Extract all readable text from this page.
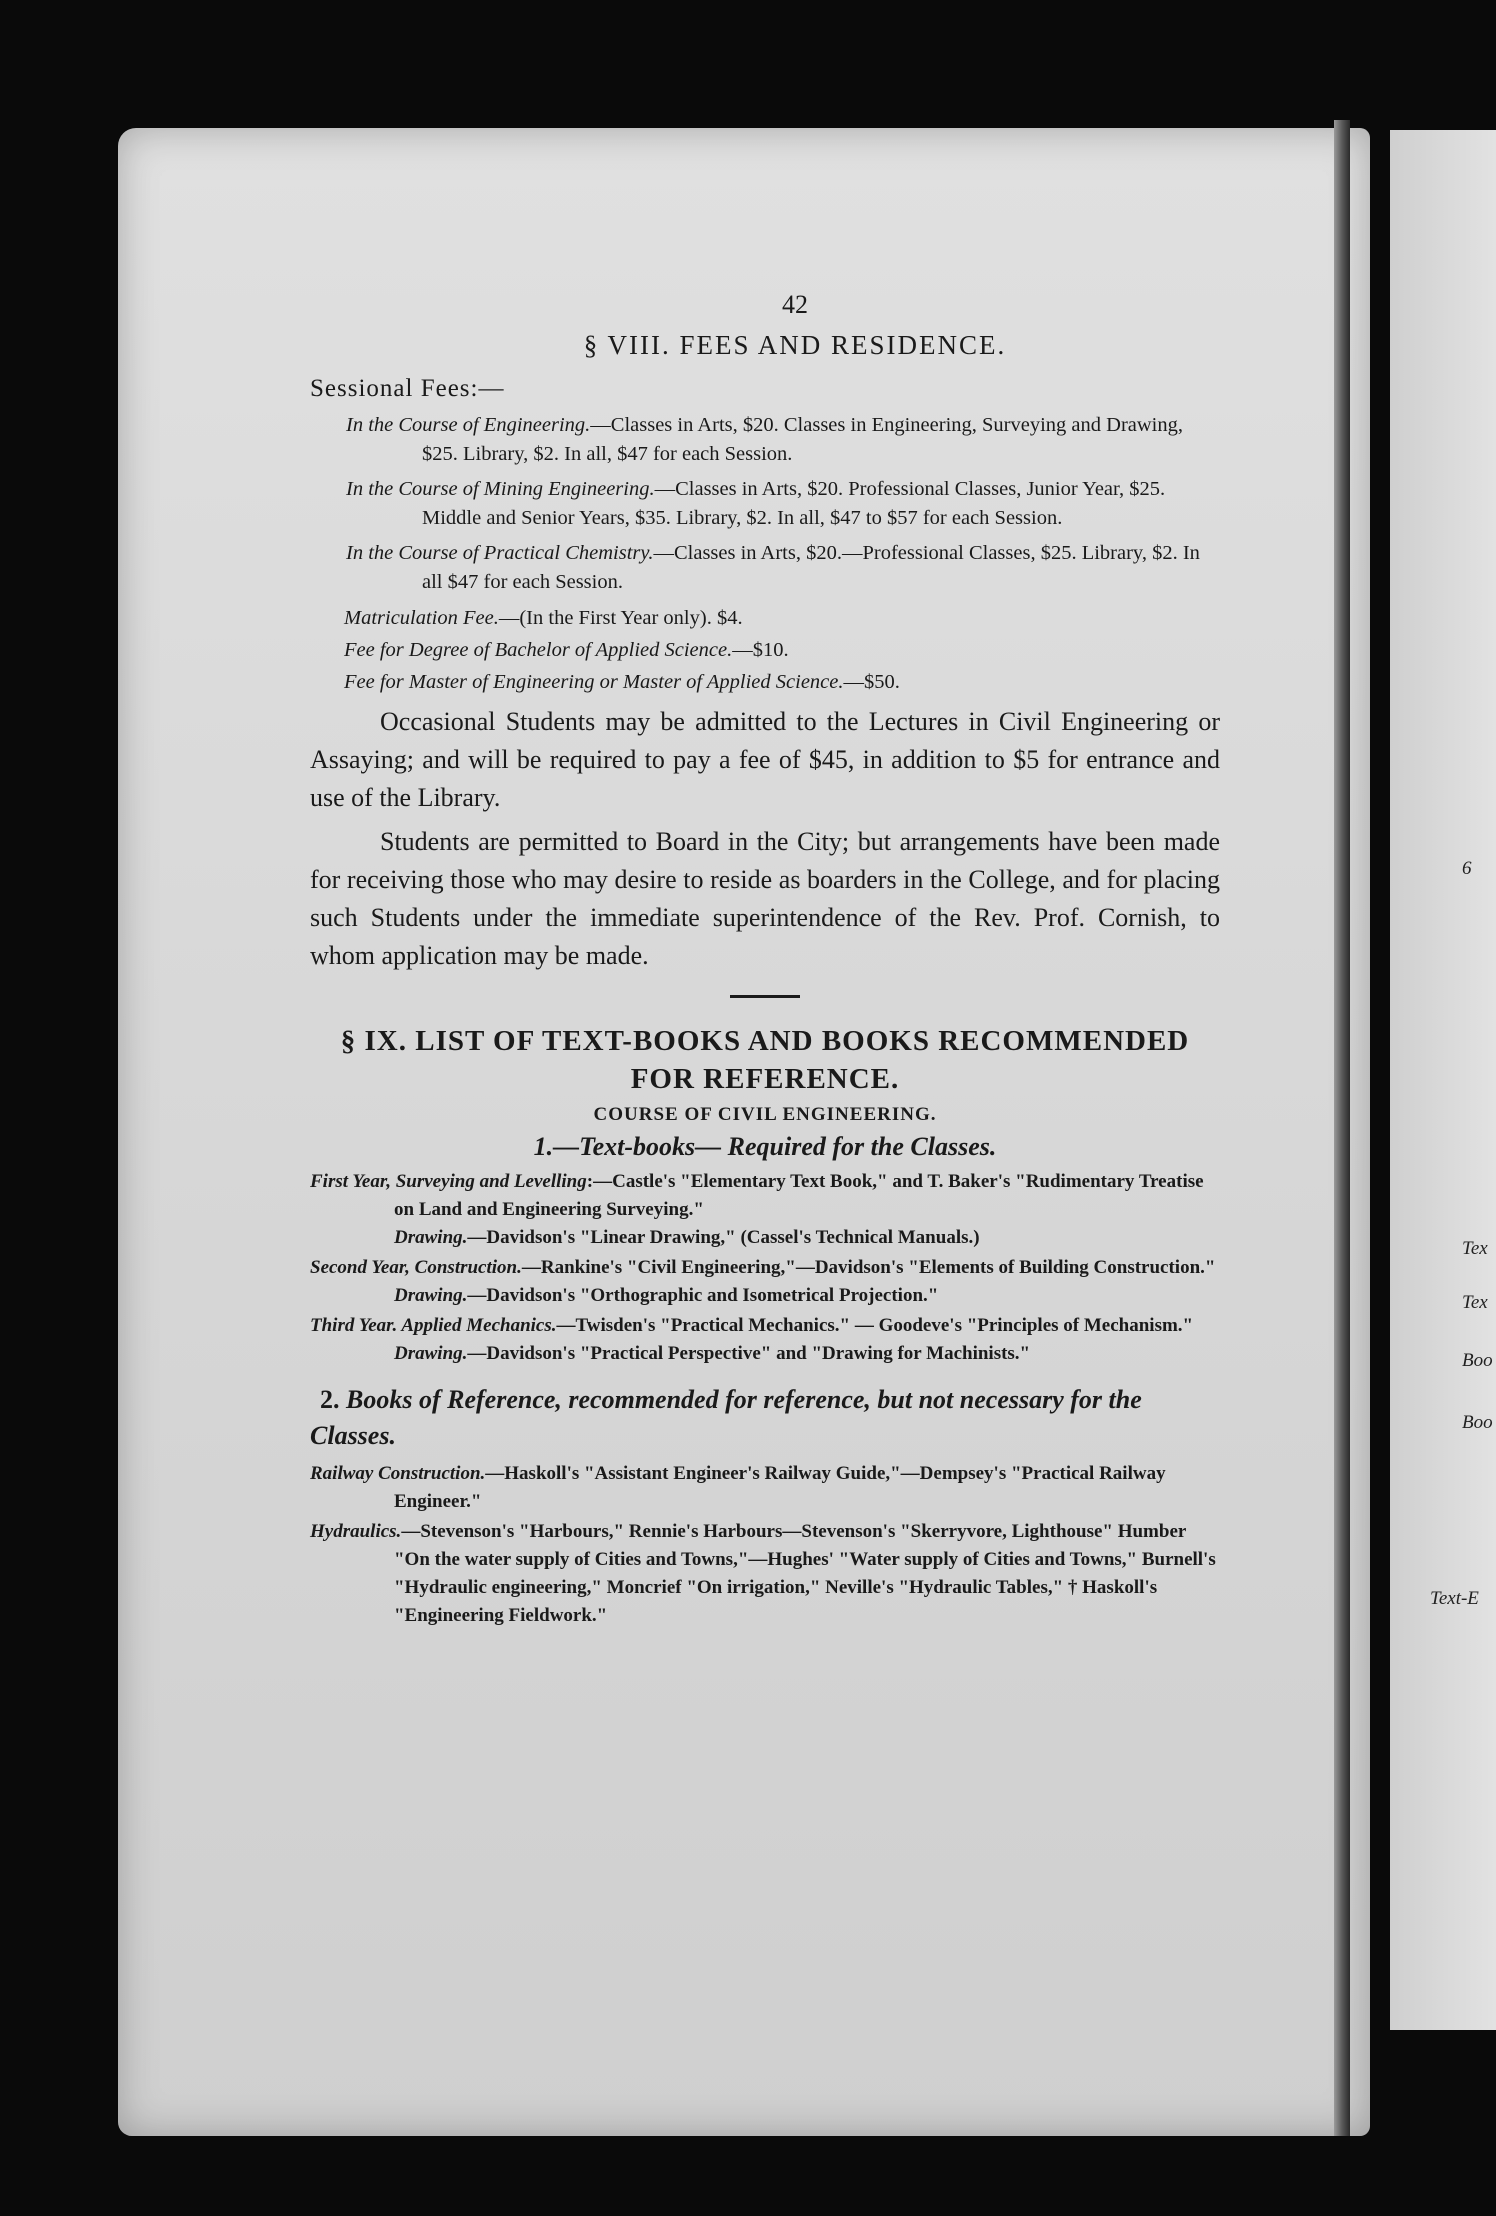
6
Tex
Tex
Boo
Boo
Text-E
42
§ VIII. FEES AND RESIDENCE.
Sessional Fees:—
In the Course of Engineering.—Classes in Arts, $20. Classes in Engineering, Surveying and Drawing, $25. Library, $2. In all, $47 for each Session.
In the Course of Mining Engineering.—Classes in Arts, $20. Professional Classes, Junior Year, $25. Middle and Senior Years, $35. Library, $2. In all, $47 to $57 for each Session.
In the Course of Practical Chemistry.—Classes in Arts, $20.—Professional Classes, $25. Library, $2. In all $47 for each Session.
Matriculation Fee.—(In the First Year only). $4.
Fee for Degree of Bachelor of Applied Science.—$10.
Fee for Master of Engineering or Master of Applied Science.—$50.

Occasional Students may be admitted to the Lectures in Civil Engineering or Assaying; and will be required to pay a fee of $45, in addition to $5 for entrance and use of the Library.

Students are permitted to Board in the City; but arrangements have been made for receiving those who may desire to reside as boarders in the College, and for placing such Students under the immediate superintendence of the Rev. Prof. Cornish, to whom application may be made.

§ IX. LIST OF TEXT-BOOKS AND BOOKS RECOMMENDED
FOR REFERENCE.
COURSE OF CIVIL ENGINEERING.
1.—Text-books— Required for the Classes.
First Year, Surveying and Levelling:—Castle's "Elementary Text Book," and T. Baker's "Rudimentary Treatise on Land and Engineering Surveying."
Drawing.—Davidson's "Linear Drawing," (Cassel's Technical Manuals.)
Second Year, Construction.—Rankine's "Civil Engineering,"—Davidson's "Elements of Building Construction."
Drawing.—Davidson's "Orthographic and Isometrical Projection."
Third Year. Applied Mechanics.—Twisden's "Practical Mechanics." — Goodeve's "Principles of Mechanism."
Drawing.—Davidson's "Practical Perspective" and "Drawing for Machinists."
2. Books of Reference, recommended for reference, but not necessary for the Classes.
Railway Construction.—Haskoll's "Assistant Engineer's Railway Guide,"—Dempsey's "Practical Railway Engineer."
Hydraulics.—Stevenson's "Harbours," Rennie's Harbours—Stevenson's "Skerryvore, Lighthouse" Humber "On the water supply of Cities and Towns,"—Hughes' "Water supply of Cities and Towns," Burnell's "Hydraulic engineering," Moncrief "On irrigation," Neville's "Hydraulic Tables," † Haskoll's "Engineering Fieldwork."
